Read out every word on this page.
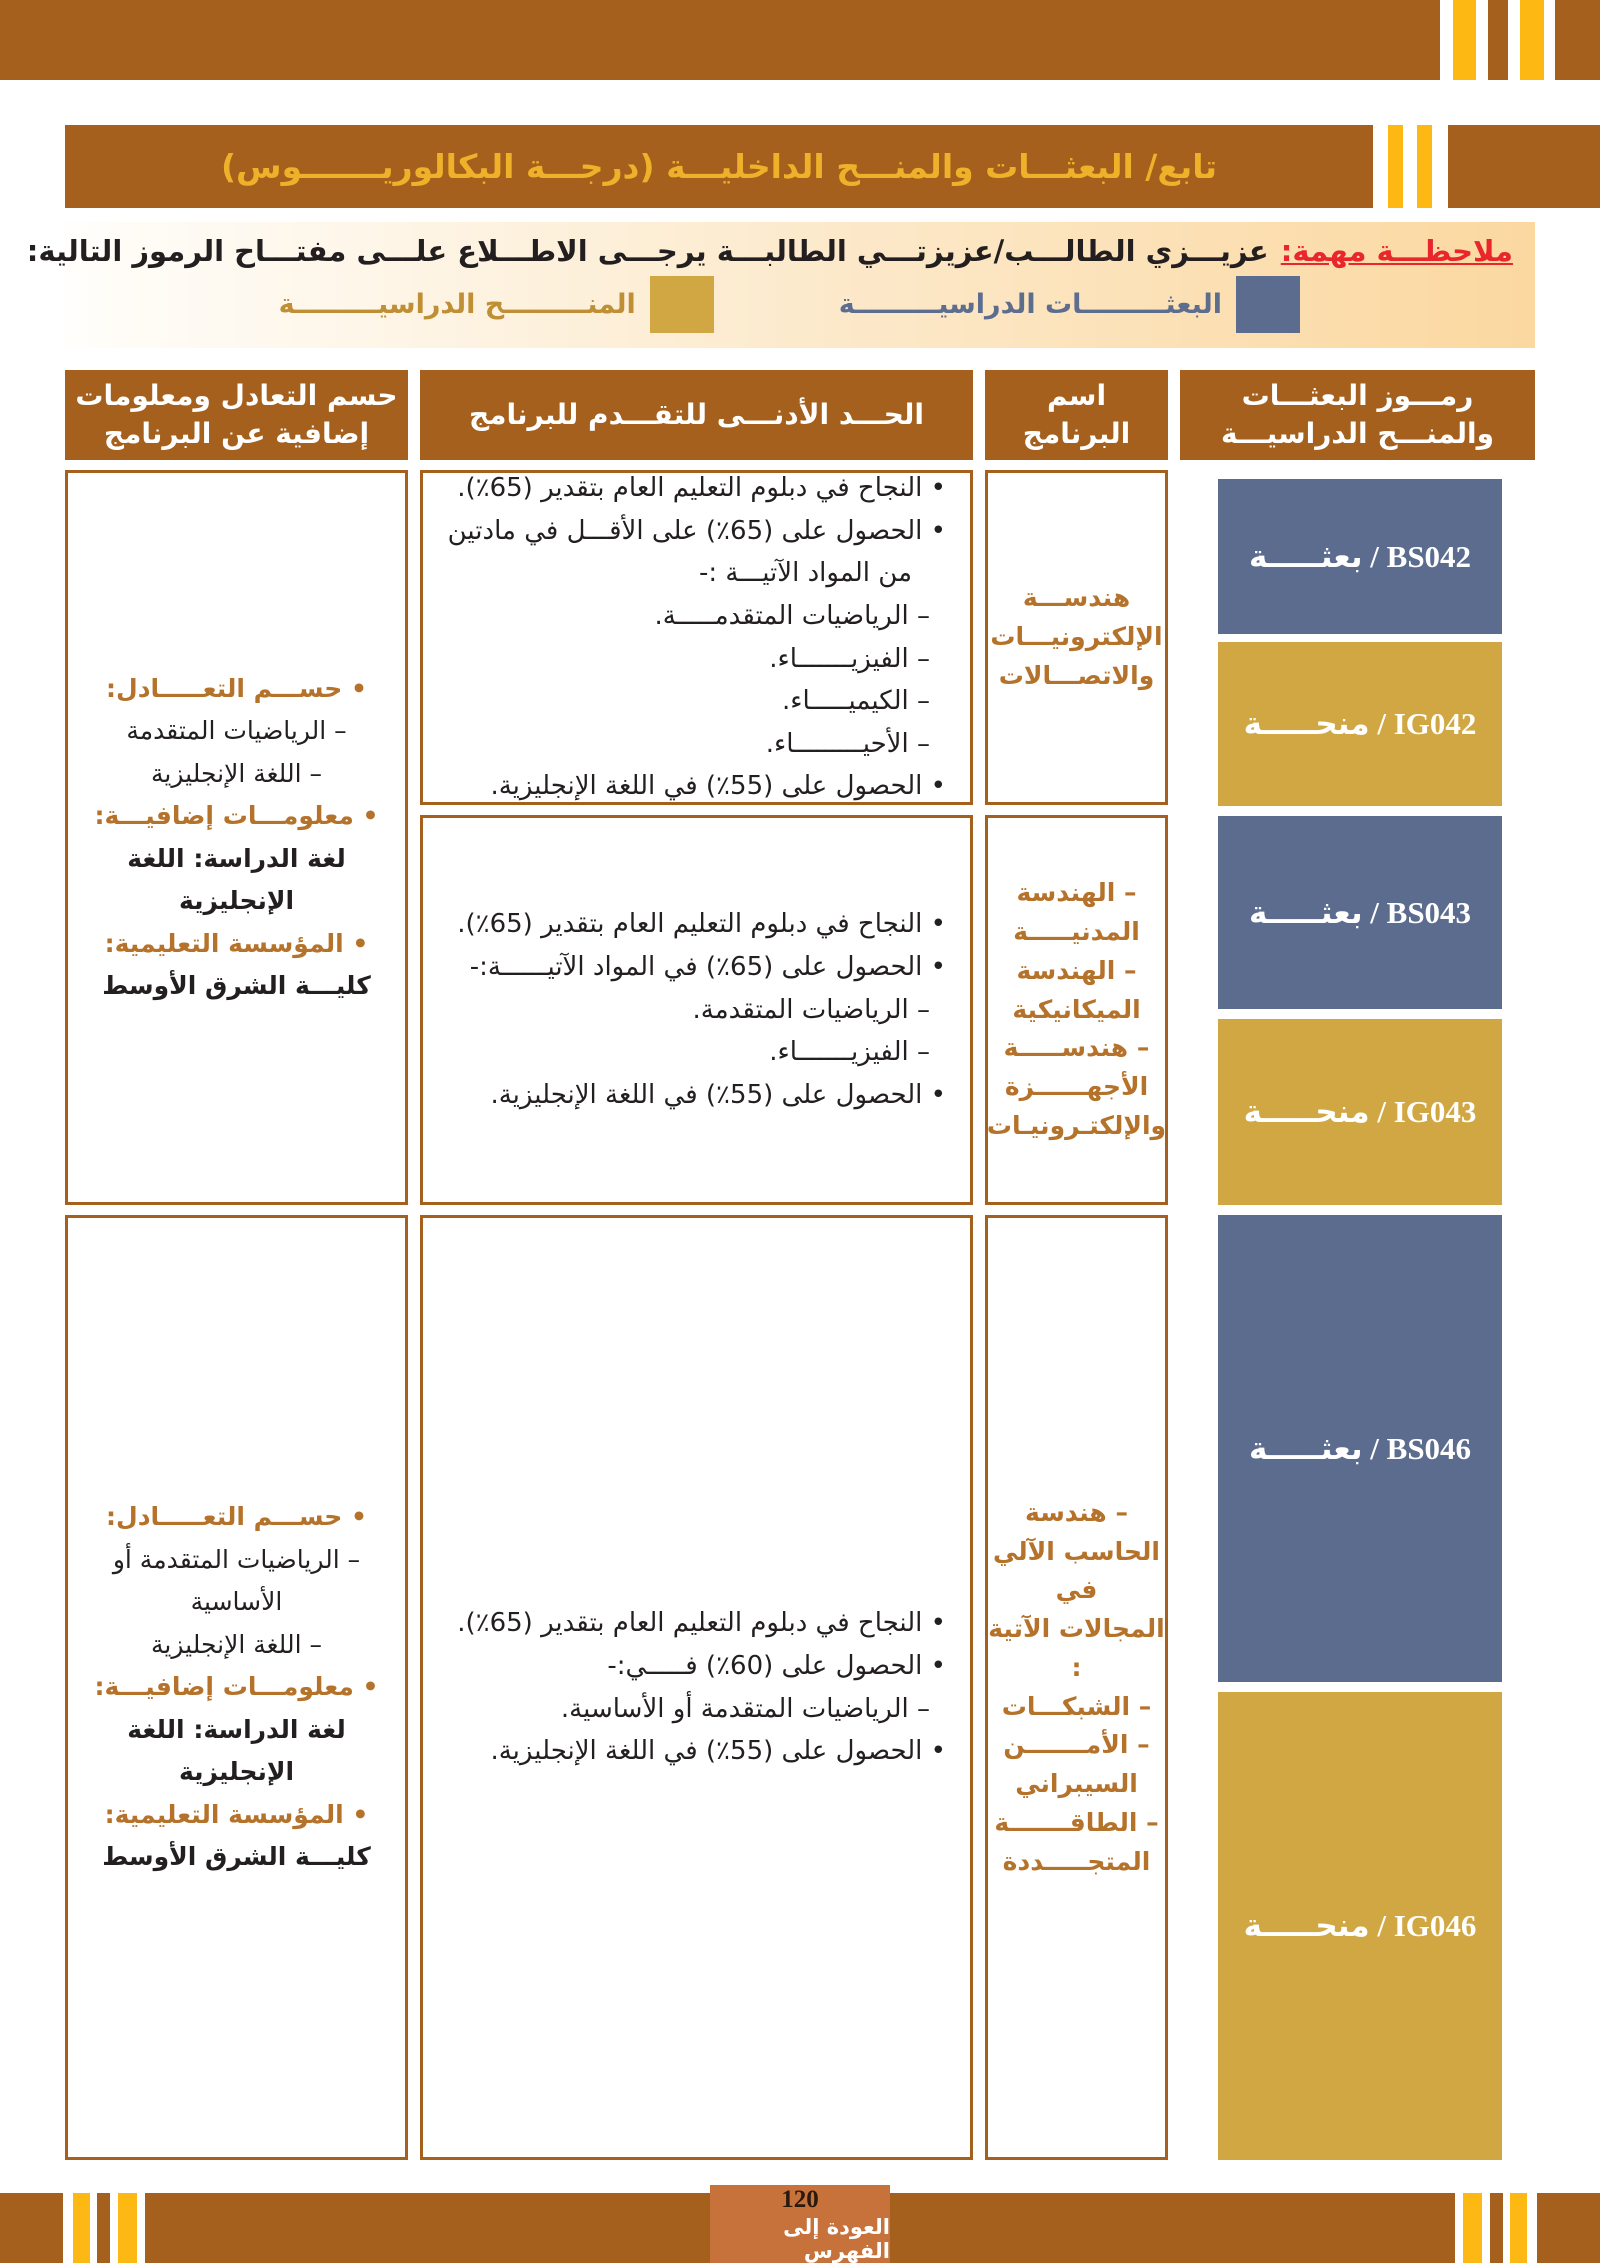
تابع/ البعثـــات والمنـــح الداخليـــة (درجـــة البكالوريـــــــوس)
ملاحظـــة مهمة:عزيـــزي الطالـــب/عزيزتـــي الطالبـــة يرجـــى الاطـــلاع علـــى مفتـــاح الرموز التالية:
البعثـــــــــات الدراسيـــــــــة
المنـــــــــح الدراسيـــــــــة
رمـــوز البعثـــات والمنـــح الدراسيـــة
اسم البرنامج
الحـــد الأدنـــى للتقـــدم للبرنامج
حسم التعادل ومعلومات إضافية عن البرنامج
BS042 / بعثـــــة
IG042 / منحـــــة
BS043 / بعثـــــة
IG043 / منحـــــة
هندســـة
الإلكترونيـــات
والاتصـــالات
– الهندسة
المدنيـــــة
– الهندسة
الميكانيكية
– هندســـــة
الأجهــــــزة
والإلكتـرونيـات
• النجاح في دبلوم التعليم العام بتقدير (65٪).
• الحصول على (65٪) على الأقـــل في مادتين من المواد الآتيـــة :-
– الرياضيات المتقدمـــــة.
– الفيزيـــــــاء.
– الكيميـــــاء.
– الأحيـــــــــاء.
• الحصول على (55٪) في اللغة الإنجليزية.
• النجاح في دبلوم التعليم العام بتقدير (65٪).
• الحصول على (65٪) في المواد الآتيــــــة:-
– الرياضيات المتقدمة.
– الفيزيـــــــاء.
• الحصول على (55٪) في اللغة الإنجليزية.
• حســـم التعـــــادل:
– الرياضيات المتقدمة
– اللغة الإنجليزية
• معلومـــات إضافيـــة:
لغة الدراسة: اللغة الإنجليزية
• المؤسسة التعليمية:
كليـــة الشرق الأوسط
BS046 / بعثـــــة
IG046 / منحـــــة
– هندسة
الحاسب الآلي في
المجالات الآتية :
– الشبكـــات
– الأمـــــــن
السيبراني
– الطاقـــــــة
المتجـــــددة
• النجاح في دبلوم التعليم العام بتقدير (65٪).
• الحصول على (60٪) فـــــي:-
– الرياضيات المتقدمة أو الأساسية.
• الحصول على (55٪) في اللغة الإنجليزية.
• حســـم التعـــــادل:
– الرياضيات المتقدمة أو الأساسية
– اللغة الإنجليزية
• معلومـــات إضافيـــة:
لغة الدراسة: اللغة الإنجليزية
• المؤسسة التعليمية:
كليـــة الشرق الأوسط
120
العودة إلى الفهرس
